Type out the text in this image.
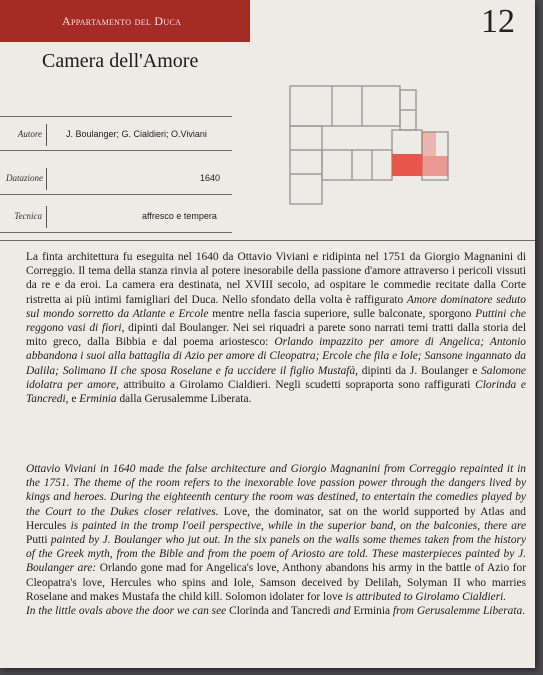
Appartamento del Duca	12
Camera dell'Amore
Autore	J. Boulanger; G. Cialdieri; O.Viviani
Datazione	1640
Tecnica	affresco e tempera

La finta architettura fu eseguita nel 1640 da Ottavio Viviani e ridipinta nel 1751 da Giorgio Magnanini di Correggio. Il tema della stanza rinvia al potere inesorabile della passione d'amore attraverso i pericoli vissuti da re e da eroi. La camera era destinata, nel XVIII secolo, ad ospitare le commedie recitate dalla Corte ristretta ai più intimi famigliari del Duca. Nello sfondato della volta è raffigurato Amore dominatore seduto sul mondo sorretto da Atlante e Ercole mentre nella fascia superiore, sulle balconate, sporgono Puttini che reggono vasi di fiori, dipinti dal Boulanger. Nei sei riquadri a parete sono narrati temi tratti dalla storia del mito greco, dalla Bibbia e dal poema ariostesco: Orlando impazzito per amore di Angelica; Antonio abbandona i suoi alla battaglia di Azio per amore di Cleopatra; Ercole che fila e Iole; Sansone ingannato da Dalila; Solimano II che sposa Roselane e fa uccidere il figlio Mustafà, dipinti da J. Boulanger e Salomone idolatra per amore, attribuito a Girolamo Cialdieri. Negli scudetti sopraporta sono raffigurati Clorinda e Tancredi, e Erminia dalla Gerusalemme Liberata.

Ottavio Viviani in 1640 made the false architecture and Giorgio Magnanini from Correggio repainted it in the 1751. The theme of the room refers to the inexorable love passion power through the dangers lived by kings and heroes. During the eighteenth century the room was destined, to entertain the comedies played by the Court to the Dukes closer relatives. Love, the dominator, sat on the world supported by Atlas and Hercules is painted in the tromp l'oeil perspective, while in the superior band, on the balconies, there are Putti painted by J. Boulanger who jut out. In the six panels on the walls some themes taken from the history of the Greek myth, from the Bible and from the poem of Ariosto are told. These masterpieces painted by J. Boulanger are: Orlando gone mad for Angelica's love, Anthony abandons his army in the battle of Azio for Cleopatra's love, Hercules who spins and Iole, Samson deceived by Delilah, Solyman II who marries Roselane and makes Mustafa the child kill. Solomon idolater for love is attributed to Girolamo Cialdieri.
In the little ovals above the door we can see Clorinda and Tancredi and Erminia from Gerusalemme Liberata.
